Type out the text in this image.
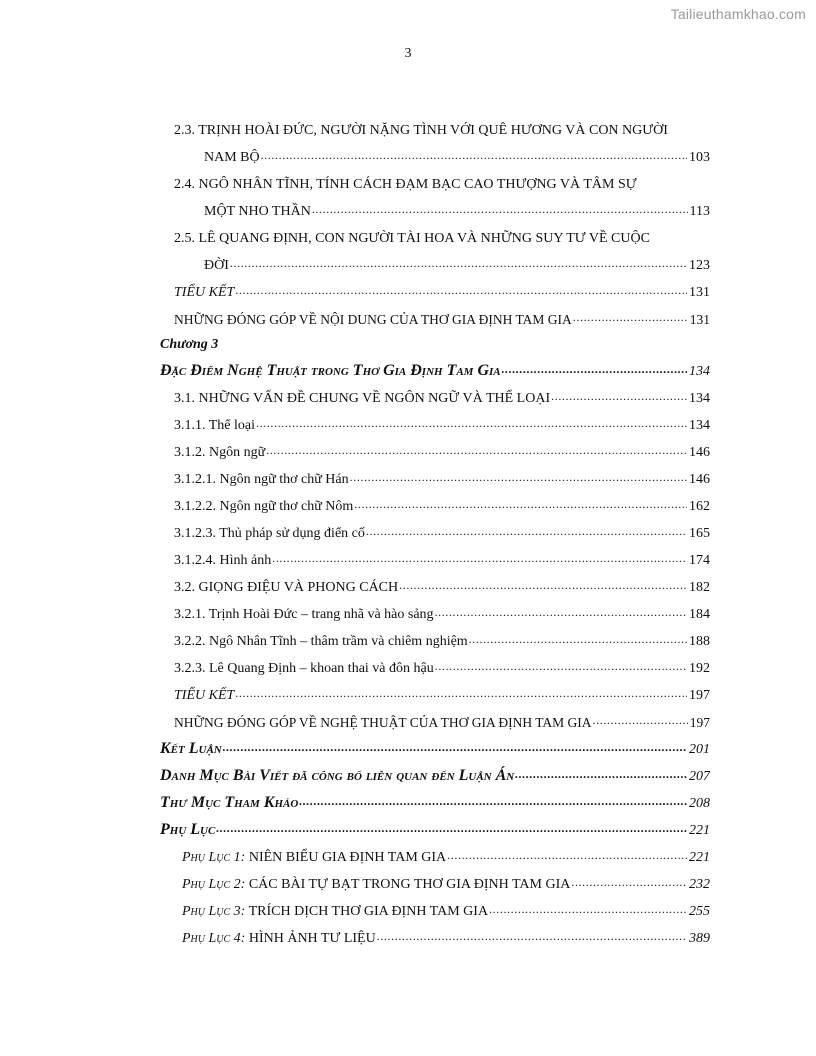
Tailieuthamkhao.com
3
2.3. TRỊNH HOÀI ĐỨC, NGƯỜI NẶNG TÌNH VỚI QUÊ HƯƠNG VÀ CON NGƯỜI
NAM BỘ .....	103
2.4. NGÔ NHÂN TĨNH, TÍNH CÁCH ĐẠM BẠC CAO THƯỢNG VÀ TÂM SỰ
MỘT NHO THẦN .....	113
2.5. LÊ QUANG ĐỊNH, CON NGƯỜI TÀI HOA VÀ NHỮNG SUY TƯ VỀ CUỘC
ĐỜI .....	123
TIỂU KẾT .....	131
NHỮNG ĐÓNG GÓP VỀ NỘI DUNG CỦA THƠ GIA ĐỊNH TAM GIA .....	131
Chương 3
Đặc Điểm Nghệ Thuật trong Thơ Gia Định Tam Gia .....	134
3.1. NHỮNG VẤN ĐỀ CHUNG VỀ NGÔN NGỮ VÀ THỂ LOẠI .....	134
3.1.1. Thể loại .....	134
3.1.2. Ngôn ngữ .....	146
3.1.2.1. Ngôn ngữ thơ chữ Hán .....	146
3.1.2.2. Ngôn ngữ thơ chữ Nôm .....	162
3.1.2.3. Thủ pháp sử dụng điển cố .....	165
3.1.2.4. Hình ảnh .....	174
3.2. GIỌNG ĐIỆU VÀ PHONG CÁCH .....	182
3.2.1. Trịnh Hoài Đức – trang nhã và hào sảng .....	184
3.2.2. Ngô Nhân Tĩnh – thâm trầm và chiêm nghiệm .....	188
3.2.3. Lê Quang Định – khoan thai và đôn hậu .....	192
TIỂU KẾT .....	197
NHỮNG ĐÓNG GÓP VỀ NGHỆ THUẬT CỦA THƠ GIA ĐỊNH TAM GIA .....	197
Kết Luận .....	201
Danh Mục Bài Viết đã công bố liên quan đến Luận Án .....	207
Thư Mục Tham Khảo .....	208
Phụ Lục .....	221
Phụ Lục 1: NIÊN BIỂU GIA ĐỊNH TAM GIA .....	221
Phụ Lục 2: CÁC BÀI TỰ BẠT TRONG THƠ GIA ĐỊNH TAM GIA .....	232
Phụ Lục 3: TRÍCH DỊCH THƠ GIA ĐỊNH TAM GIA .....	255
Phụ Lục 4: HÌNH ẢNH TƯ LIỆU .....	389
